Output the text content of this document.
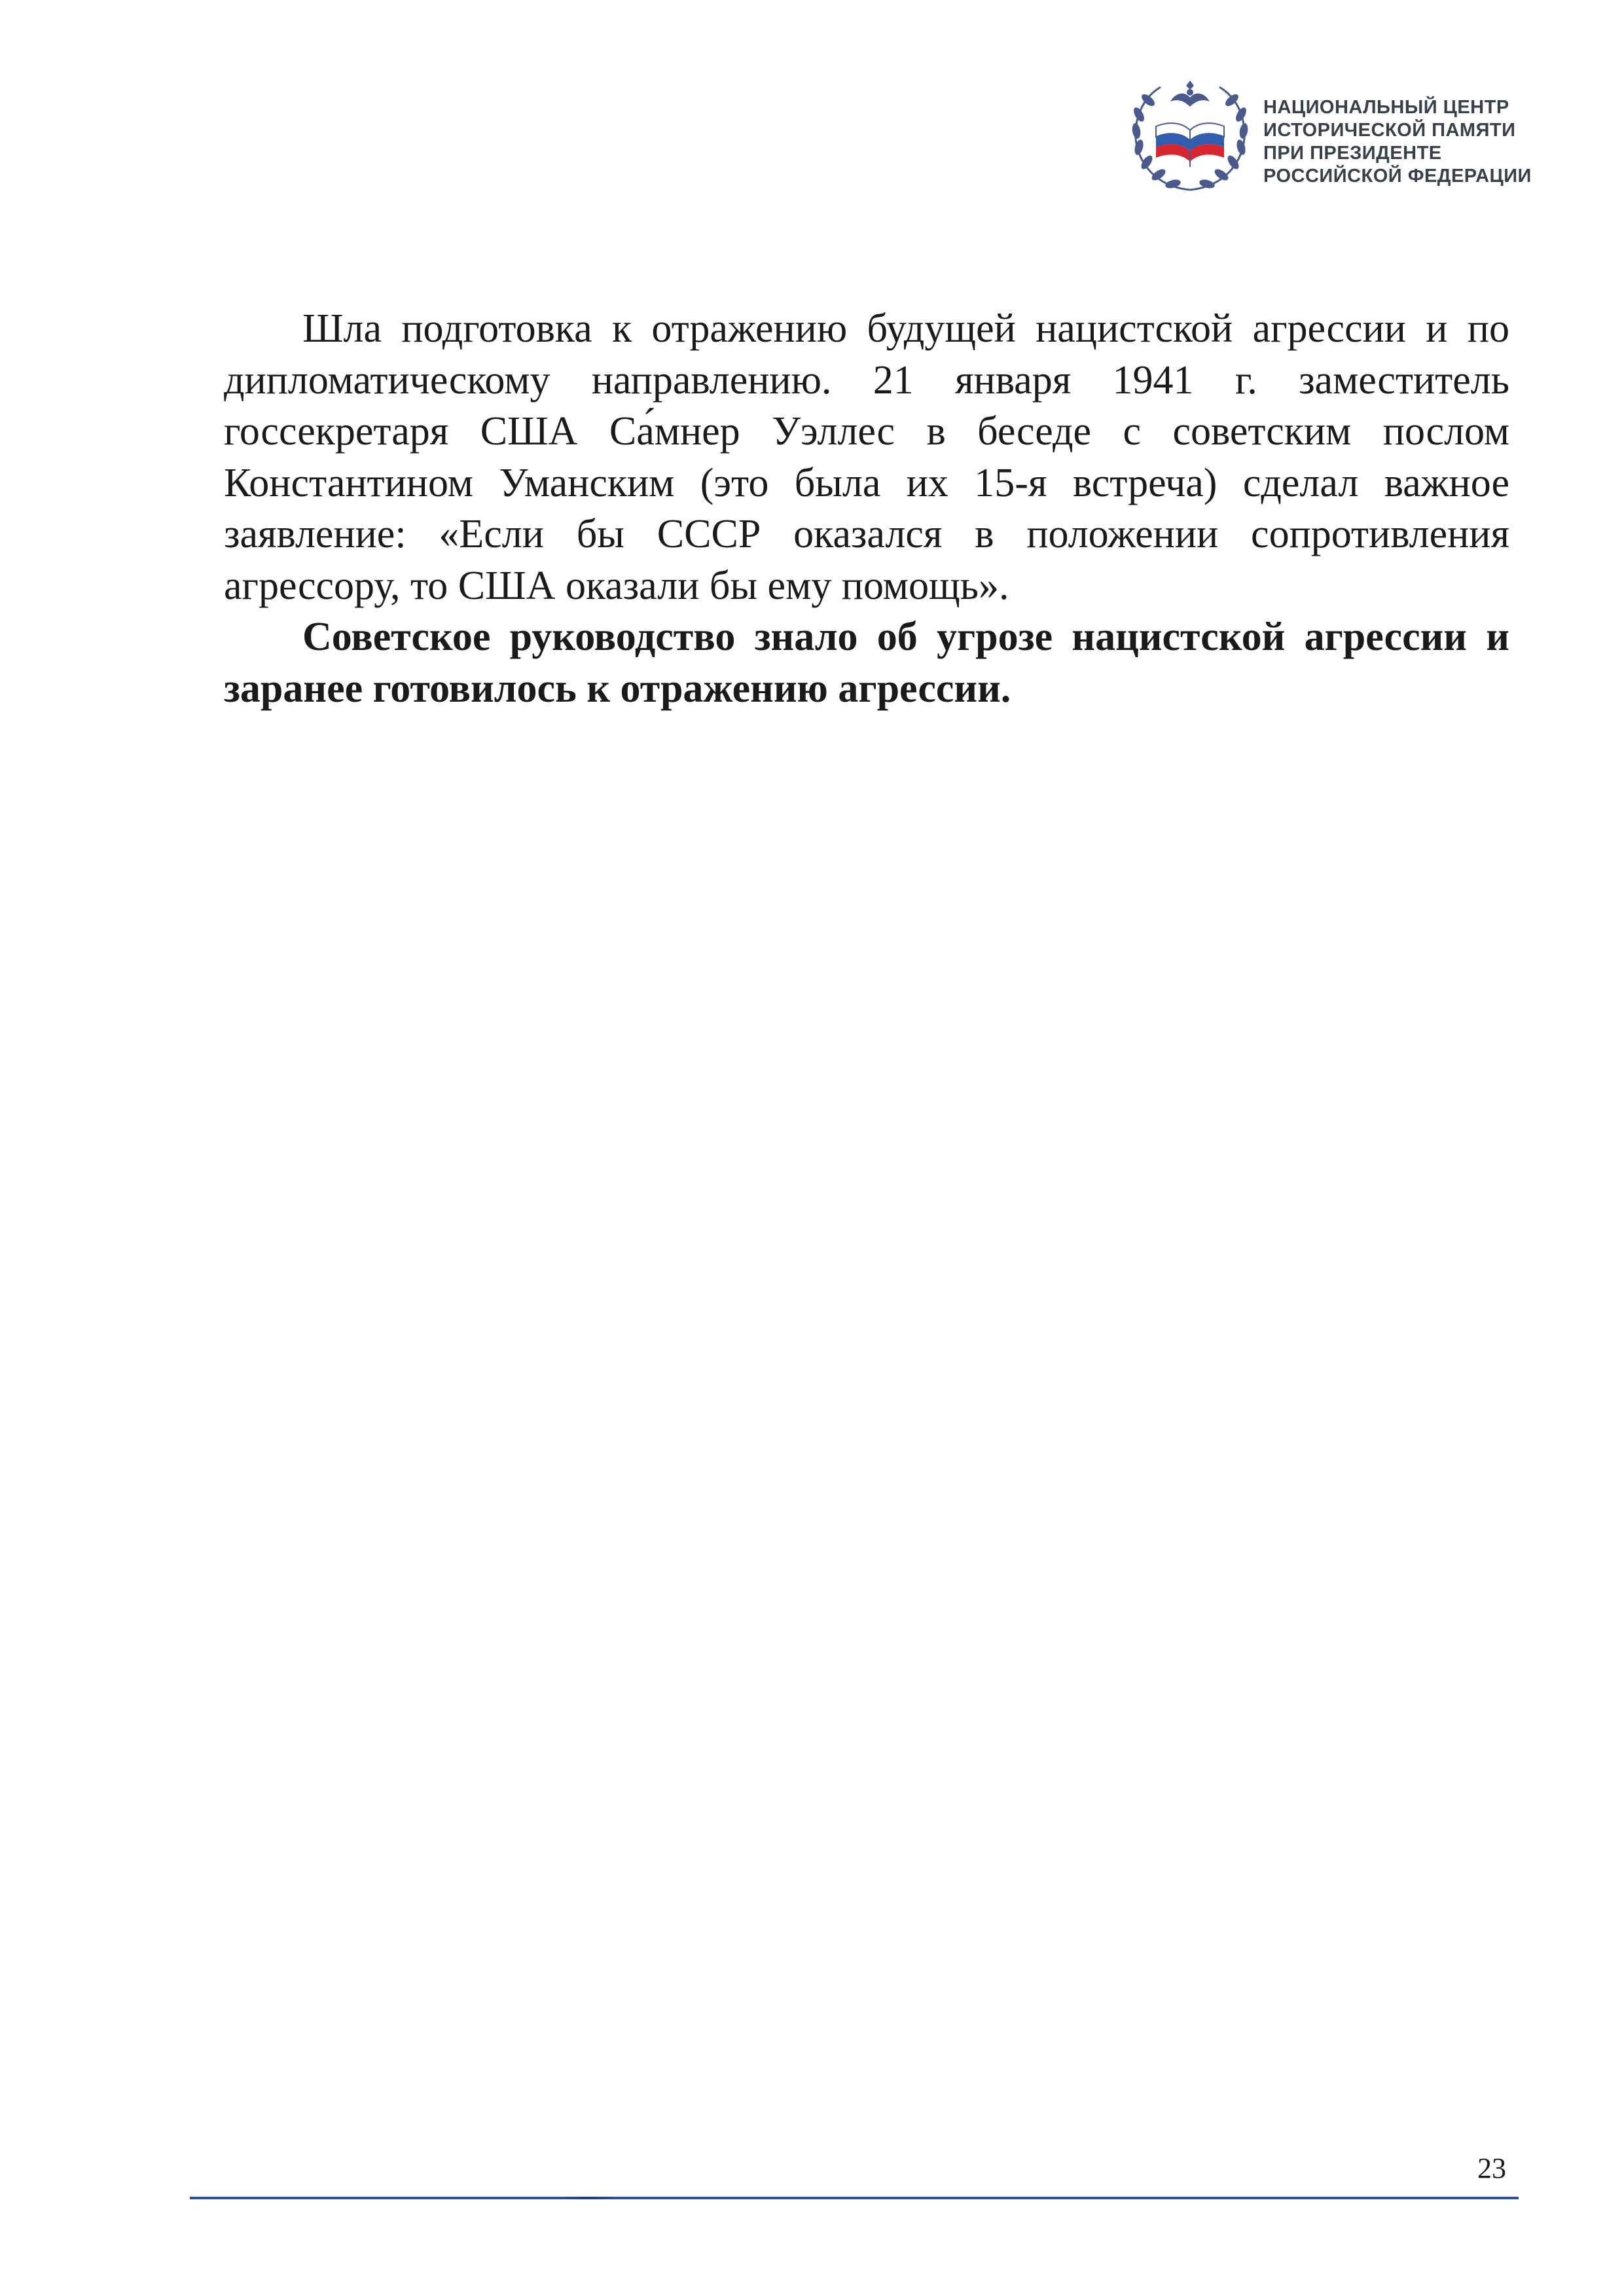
НАЦИОНАЛЬНЫЙ ЦЕНТР
ИСТОРИЧЕСКОЙ ПАМЯТИ
ПРИ ПРЕЗИДЕНТЕ
РОССИЙСКОЙ ФЕДЕРАЦИИ

Шла подготовка к отражению будущей нацистской агрессии и по дипломатическому направлению. 21 января 1941 г. заместитель госсекретаря США Са́мнер Уэллес в беседе с советским послом Константином Уманским (это была их 15-я встреча) сделал важное заявление: «Если бы СССР оказался в положении сопротивления агрессору, то США оказали бы ему помощь».

Советское руководство знало об угрозе нацистской агрессии и заранее готовилось к отражению агрессии.

23
